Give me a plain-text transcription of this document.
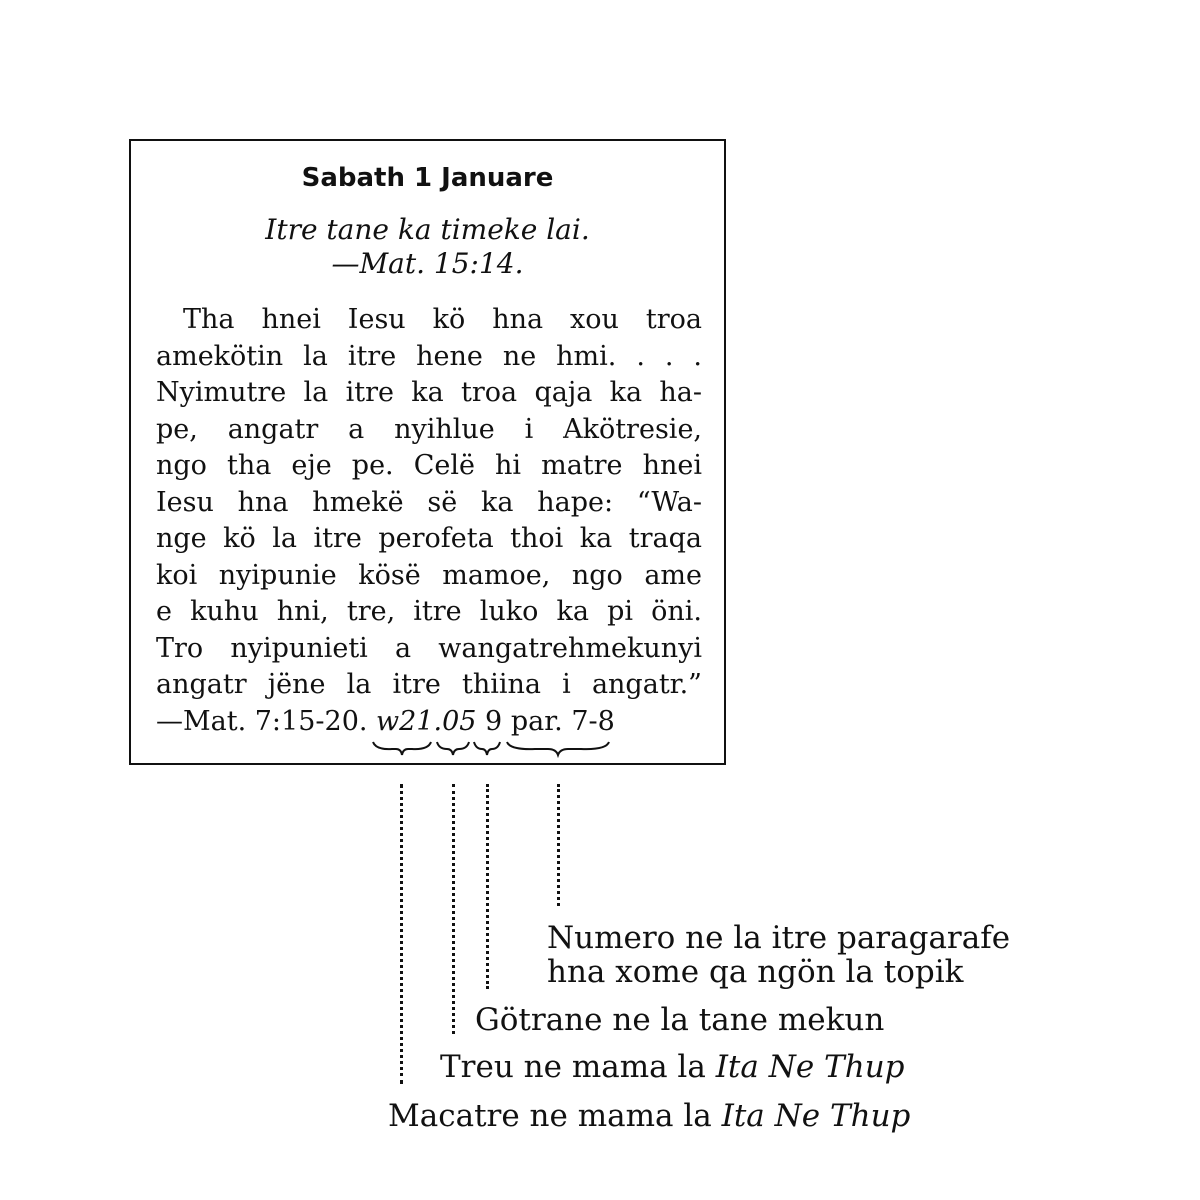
Sabath 1 Januare
Itre tane ka timeke lai.
—Mat. 15:14.
 Tha hnei Iesu kö hna xou troa
amekötin la itre hene ne hmi. . . .
Nyimutre la itre ka troa qaja ka ha-
pe, angatr a nyihlue i Akötresie,
ngo tha eje pe. Celë hi matre hnei
Iesu hna hmekë së ka hape: “Wa-
nge kö la itre perofeta thoi ka traqa
koi nyipunie kösë mamoe, ngo ame
e kuhu hni, tre, itre luko ka pi öni.
Tro nyipunieti a wangatrehmekunyi
angatr jëne la itre thiina i angatr.”
—Mat. 7:15-20. w21.05 9 par. 7-8
Numero ne la itre paragarafe
hna xome qa ngön la topik
Götrane ne la tane mekun
Treu ne mama la Ita Ne Thup
Macatre ne mama la Ita Ne Thup
